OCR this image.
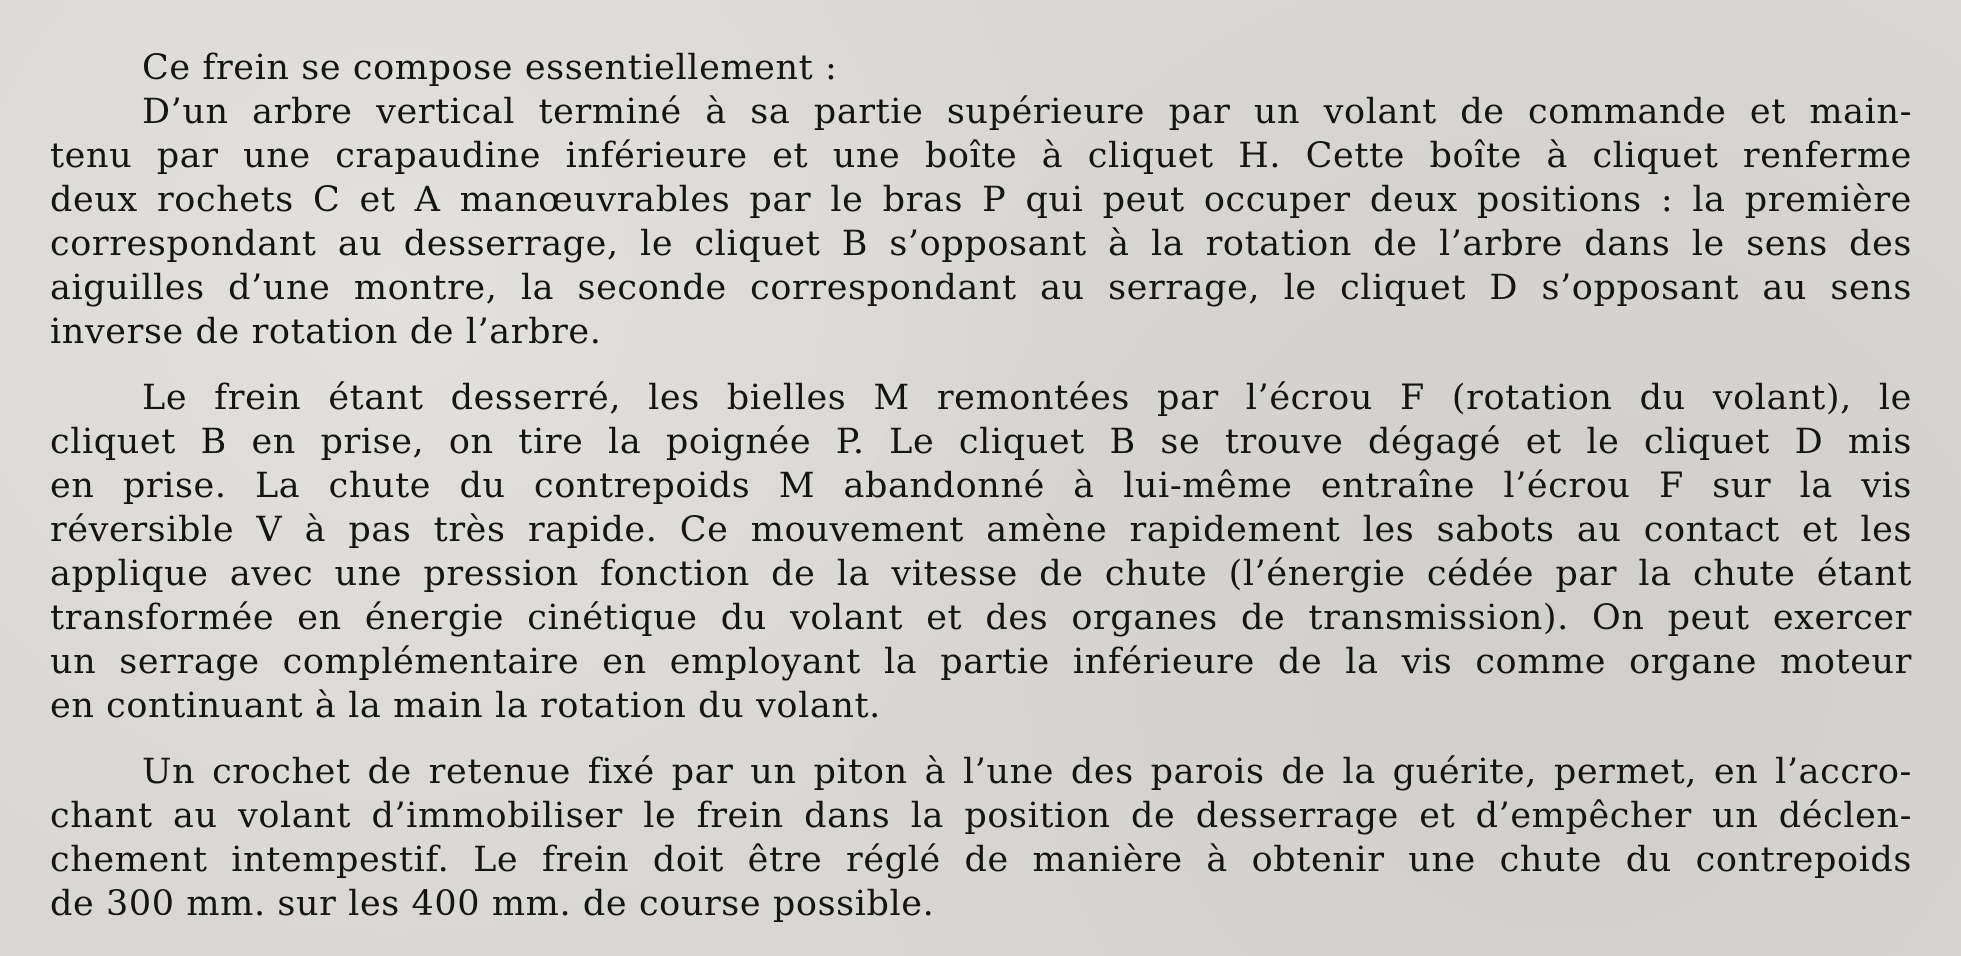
Ce frein se compose essentiellement :

D’un arbre vertical terminé à sa partie supérieure par un volant de commande et main-
tenu par une crapaudine inférieure et une boîte à cliquet H. Cette boîte à cliquet renferme
deux rochets C et A manœuvrables par le bras P qui peut occuper deux positions : la première
correspondant au desserrage, le cliquet B s’opposant à la rotation de l’arbre dans le sens des
aiguilles d’une montre, la seconde correspondant au serrage, le cliquet D s’opposant au sens
inverse de rotation de l’arbre.

Le frein étant desserré, les bielles M remontées par l’écrou F (rotation du volant), le
cliquet B en prise, on tire la poignée P. Le cliquet B se trouve dégagé et le cliquet D mis
en prise. La chute du contrepoids M abandonné à lui-même entraîne l’écrou F sur la vis
réversible V à pas très rapide. Ce mouvement amène rapidement les sabots au contact et les
applique avec une pression fonction de la vitesse de chute (l’énergie cédée par la chute étant
transformée en énergie cinétique du volant et des organes de transmission). On peut exercer
un serrage complémentaire en employant la partie inférieure de la vis comme organe moteur
en continuant à la main la rotation du volant.

Un crochet de retenue fixé par un piton à l’une des parois de la guérite, permet, en l’accro-
chant au volant d’immobiliser le frein dans la position de desserrage et d’empêcher un déclen-
chement intempestif. Le frein doit être réglé de manière à obtenir une chute du contrepoids
de 300 mm. sur les 400 mm. de course possible.
